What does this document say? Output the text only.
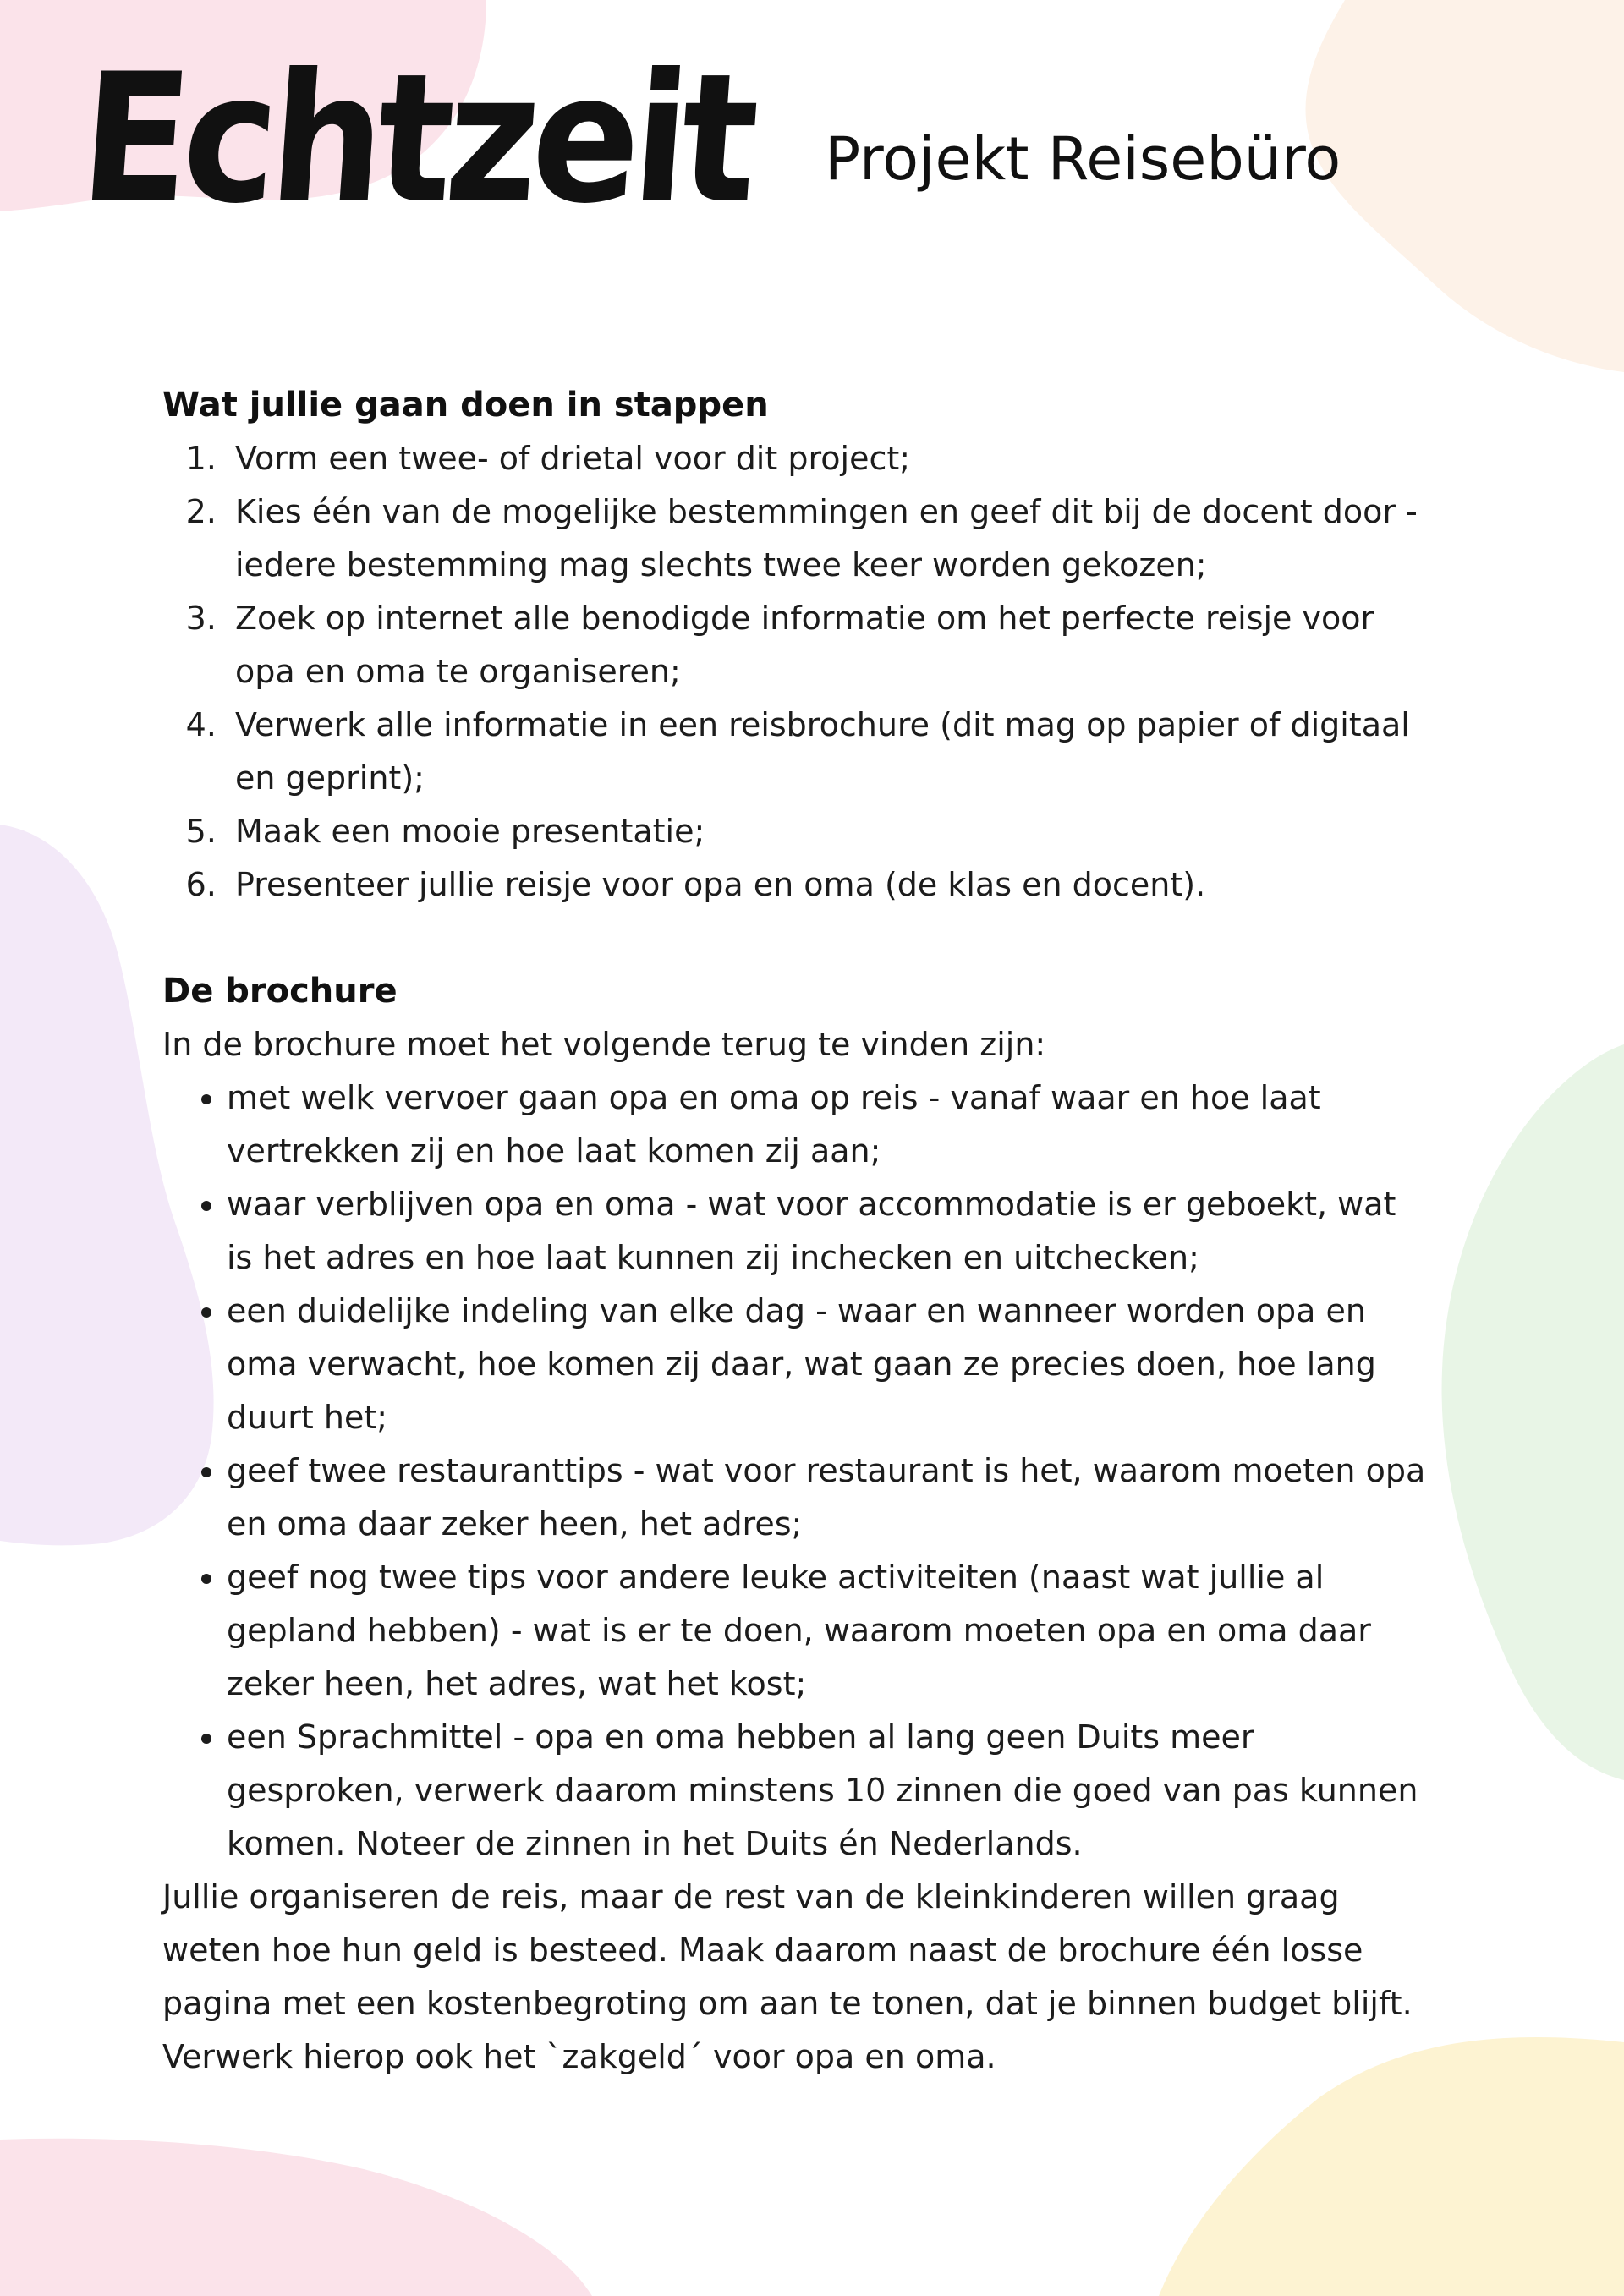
Echtzeit Projekt Reisebüro
Wat jullie gaan doen in stappen
1. Vorm een twee- of drietal voor dit project;
2. Kies één van de mogelijke bestemmingen en geef dit bij de docent door - iedere bestemming mag slechts twee keer worden gekozen;
3. Zoek op internet alle benodigde informatie om het perfecte reisje voor opa en oma te organiseren;
4. Verwerk alle informatie in een reisbrochure (dit mag op papier of digitaal en geprint);
5. Maak een mooie presentatie;
6. Presenteer jullie reisje voor opa en oma (de klas en docent).
De brochure

In de brochure moet het volgende terug te vinden zijn:

• met welk vervoer gaan opa en oma op reis - vanaf waar en hoe laat vertrekken zij en hoe laat komen zij aan;
• waar verblijven opa en oma - wat voor accommodatie is er geboekt, wat is het adres en hoe laat kunnen zij inchecken en uitchecken;
• een duidelijke indeling van elke dag - waar en wanneer worden opa en oma verwacht, hoe komen zij daar, wat gaan ze precies doen, hoe lang duurt het;
• geef twee restauranttips - wat voor restaurant is het, waarom moeten opa en oma daar zeker heen, het adres;
• geef nog twee tips voor andere leuke activiteiten (naast wat jullie al gepland hebben) - wat is er te doen, waarom moeten opa en oma daar zeker heen, het adres, wat het kost;
• een Sprachmittel - opa en oma hebben al lang geen Duits meer gesproken, verwerk daarom minstens 10 zinnen die goed van pas kunnen komen. Noteer de zinnen in het Duits én Nederlands.

Jullie organiseren de reis, maar de rest van de kleinkinderen willen graag weten hoe hun geld is besteed. Maak daarom naast de brochure één losse pagina met een kostenbegroting om aan te tonen, dat je binnen budget blijft. Verwerk hierop ook het `zakgeld´ voor opa en oma.
